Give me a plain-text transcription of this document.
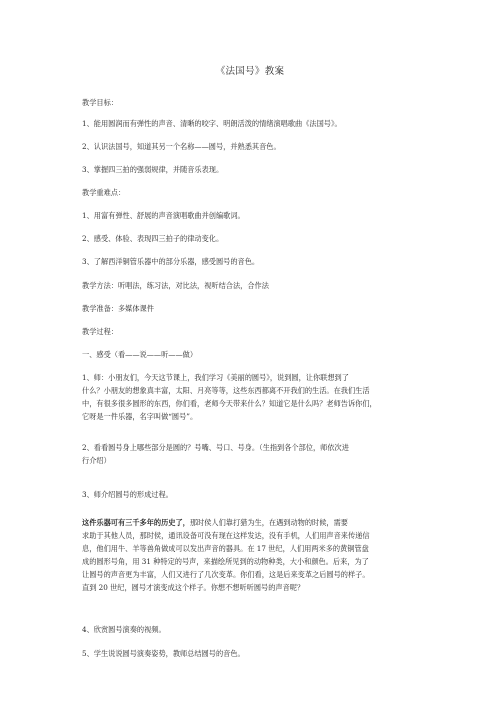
《法国号》教案
教学目标：
1、能用圆润而有弹性的声音、清晰的咬字、明朗活泼的情绪演唱歌曲《法国号》。
2、认识法国号，知道其另一个名称——圆号，并熟悉其音色。
3、掌握四三拍的强弱规律，并随音乐表现。
教学重难点：
1、用富有弹性、舒展的声音演唱歌曲并创编歌词。
2、感受、体验、表现四三拍子的律动变化。
3、了解西洋铜管乐器中的部分乐器，感受圆号的音色。
教学方法：听唱法，练习法，对比法，视听结合法，合作法
教学准备：多媒体课件
教学过程：
一、感受（看——说——听——做）
1、师：小朋友们，今天这节课上，我们学习《美丽的圆号》，说到圆，让你联想到了
什么？小朋友的想象真丰富，太阳、月亮等等，这些东西都离不开我们的生活。在我们生活
中，有很多很多圆形的东西，你们看，老师今天带来什么？知道它是什么吗？老师告诉你们，
它呀是一件乐器，名字叫做“圆号”。
2、看看圆号身上哪些部分是圆的？号嘴、号口、号身。（生指到各个部位，师依次进
行介绍）
3、师介绍圆号的形成过程。
这件乐器可有三千多年的历史了，那时侯人们靠打猎为生，在遇到动物的时候，需要
求助于其他人员，那时侯，通讯设备可没有现在这样发达，没有手机，人们用声音来传递信
息，他们用牛、羊等兽角做成可以发出声音的器具。在 17 世纪，人们用两米多的黄铜管盘
成的圆形号角，用 31 种特定的号声，来描绘所见到的动物种类，大小和颜色。后来，为了
让圆号的声音更为丰富，人们又进行了几次变革。你们看，这是后来变革之后圆号的样子。
直到 20 世纪，圆号才演变成这个样子。你想不想听听圆号的声音呢？
4、欣赏圆号演奏的视频。
5、学生说说圆号演奏姿势，教师总结圆号的音色。
